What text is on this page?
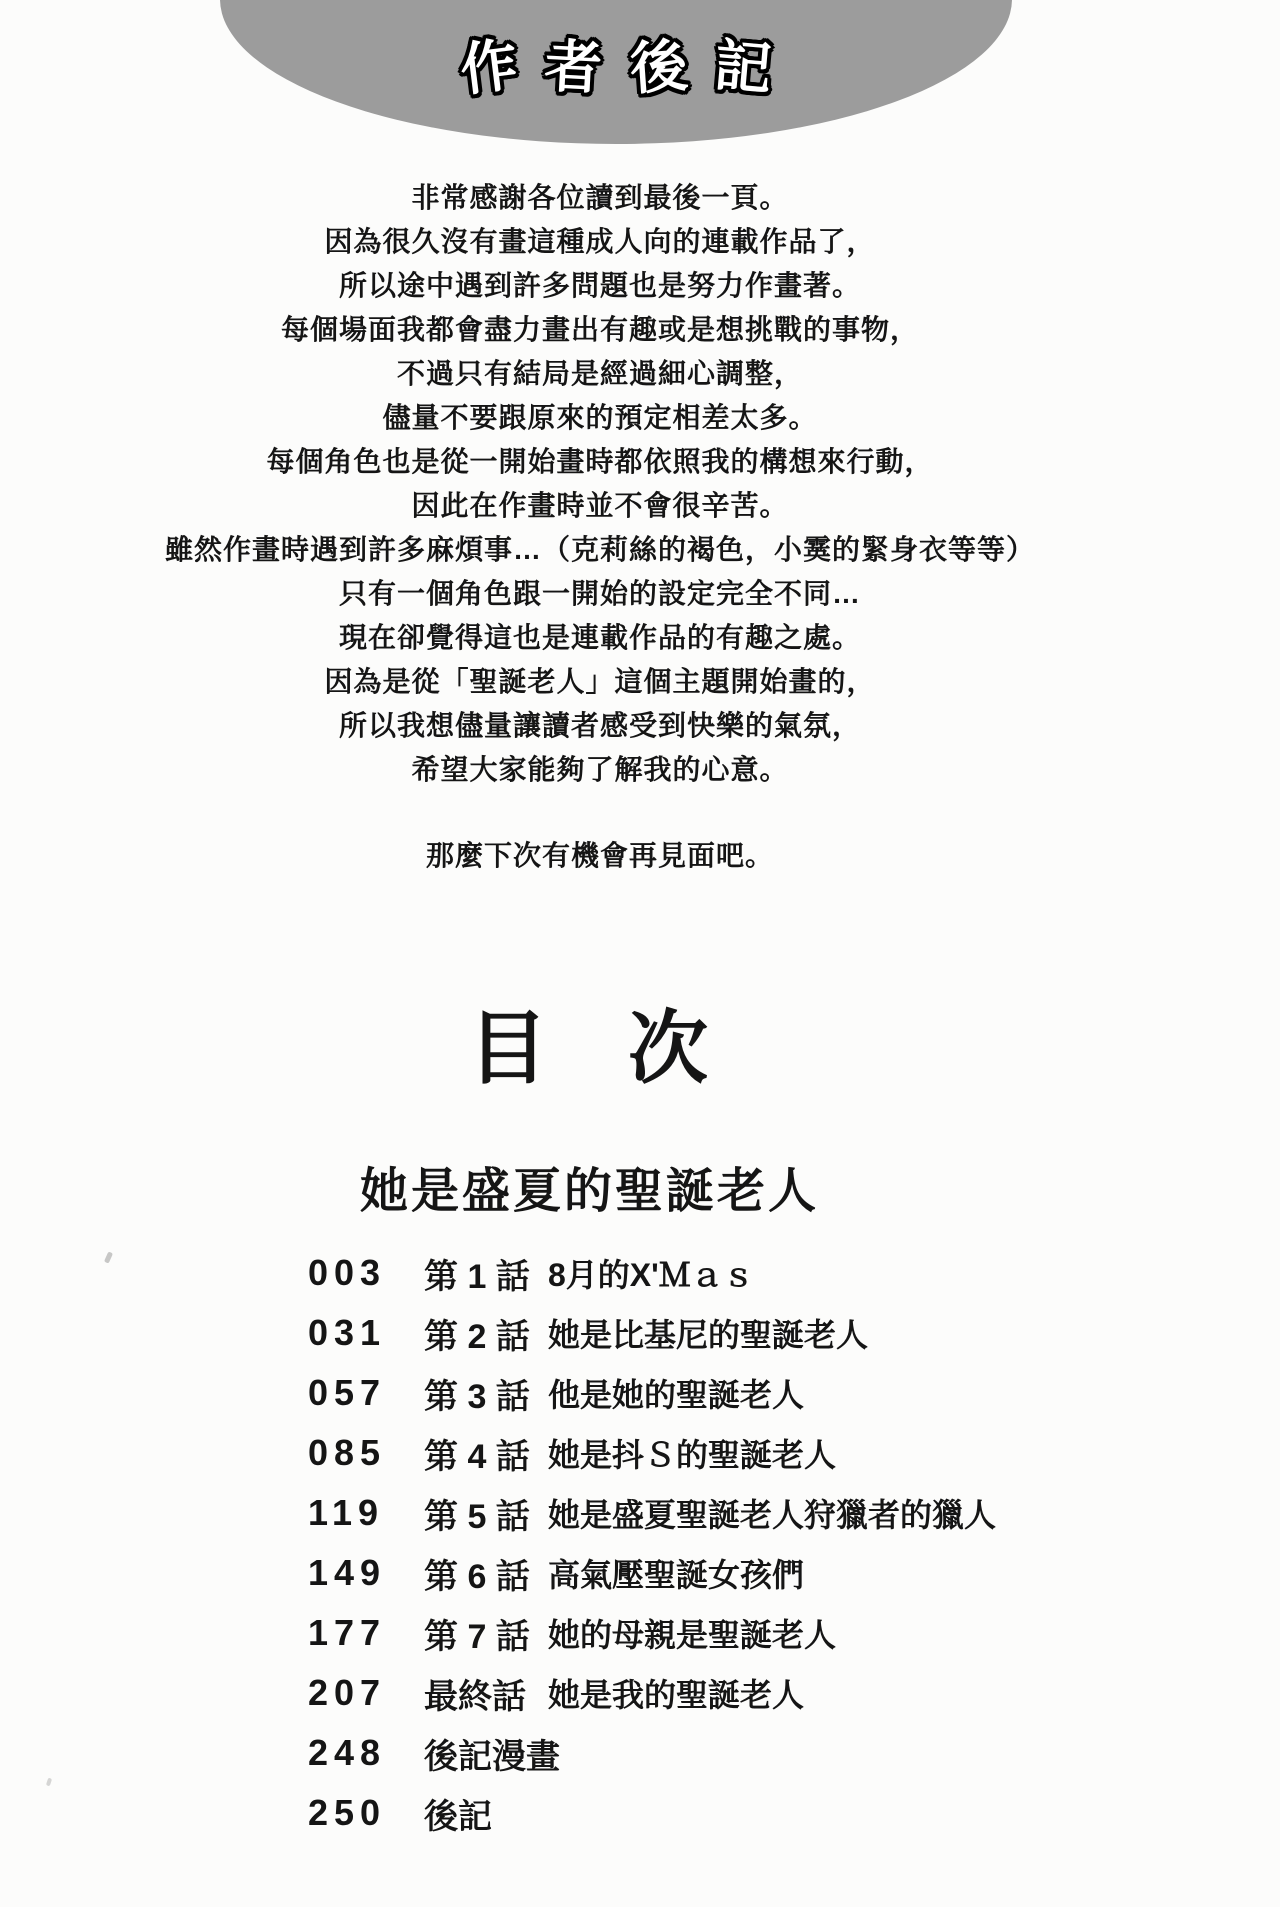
作 者 後 記
非常感謝各位讀到最後一頁。
因為很久沒有畫這種成人向的連載作品了，
所以途中遇到許多問題也是努力作畫著。
每個場面我都會盡力畫出有趣或是想挑戰的事物，
不過只有結局是經過細心調整，
儘量不要跟原來的預定相差太多。
每個角色也是從一開始畫時都依照我的構想來行動，
因此在作畫時並不會很辛苦。
雖然作畫時遇到許多麻煩事…（克莉絲的褐色，小霙的緊身衣等等）
只有一個角色跟一開始的設定完全不同…
現在卻覺得這也是連載作品的有趣之處。
因為是從「聖誕老人」這個主題開始畫的，
所以我想儘量讓讀者感受到快樂的氣氛，
希望大家能夠了解我的心意。
那麼下次有機會再見面吧。
目　次
她是盛夏的聖誕老人
003	第 1 話 8月的X'Ｍａｓ
031	第 2 話 她是比基尼的聖誕老人
057	第 3 話 他是她的聖誕老人
085	第 4 話 她是抖Ｓ的聖誕老人
119	第 5 話 她是盛夏聖誕老人狩獵者的獵人
149	第 6 話 高氣壓聖誕女孩們
177	第 7 話 她的母親是聖誕老人
207	最終話 她是我的聖誕老人
248	後記漫畫
250	後記
